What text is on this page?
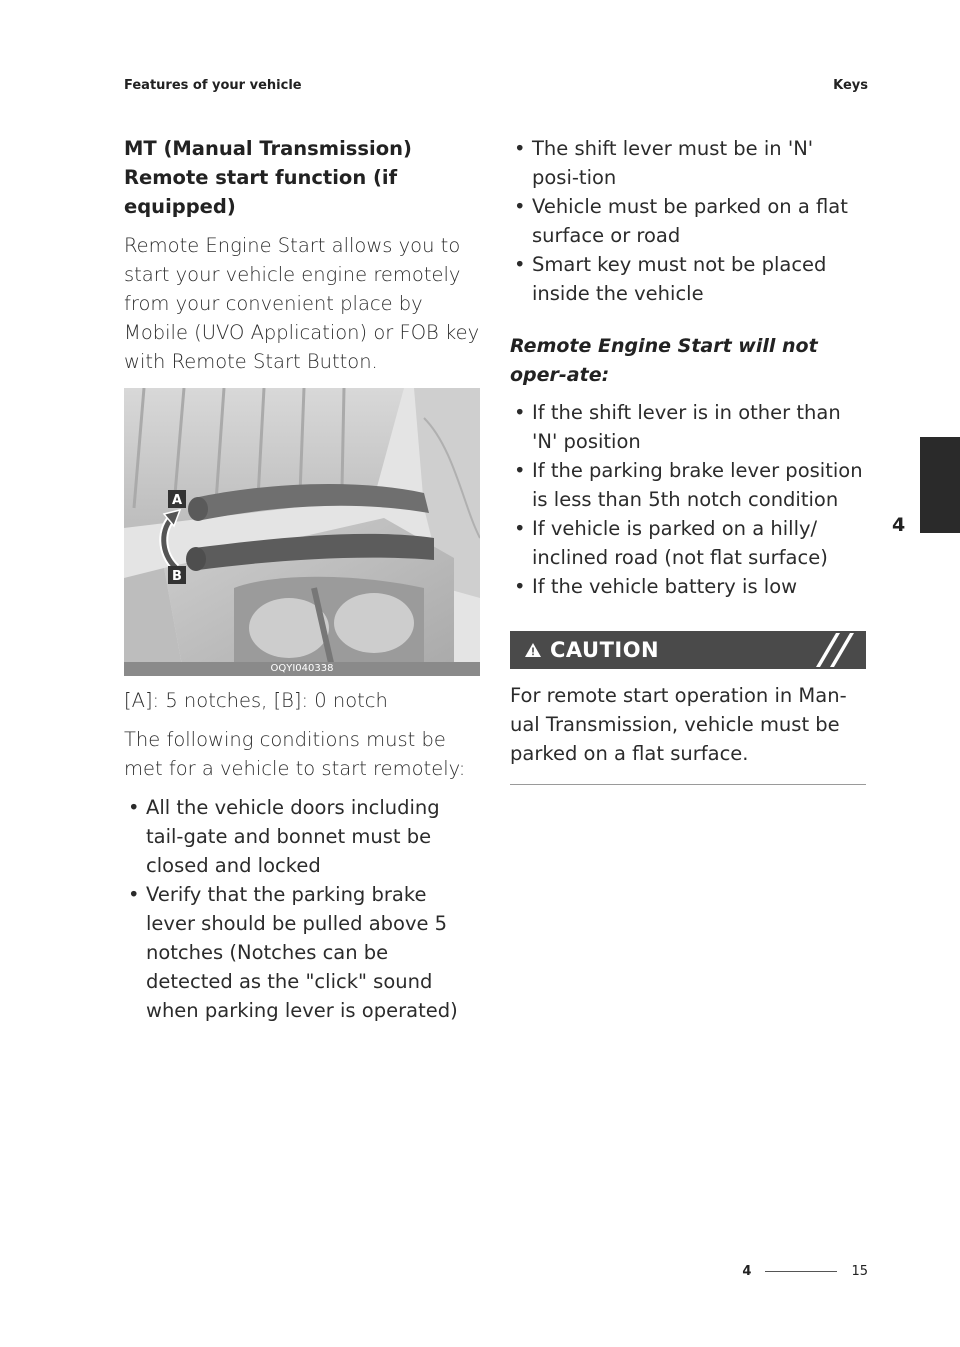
Features of your vehicle	Keys
MT (Manual Transmission) Remote start function (if equipped)

Remote Engine Start allows you to start your vehicle engine remotely from your convenient place by Mobile (UVO Application) or FOB key with Remote Start Button.

A
B
OQYI040338

[A]: 5 notches, [B]: 0 notch

The following conditions must be met for a vehicle to start remotely:

• All the vehicle doors including tail-gate and bonnet must be closed and locked
• Verify that the parking brake lever should be pulled above 5 notches (Notches can be detected as the "click" sound when parking lever is operated)
• The shift lever must be in 'N' posi-tion
• Vehicle must be parked on a flat surface or road
• Smart key must not be placed inside the vehicle
Remote Engine Start will not oper-ate:
• If the shift lever is in other than 'N' position
• If the parking brake lever position is less than 5th notch condition
• If vehicle is parked on a hilly/ inclined road (not flat surface)
• If the vehicle battery is low
CAUTION

For remote start operation in Man-ual Transmission, vehicle must be parked on a flat surface.

4
4	15
